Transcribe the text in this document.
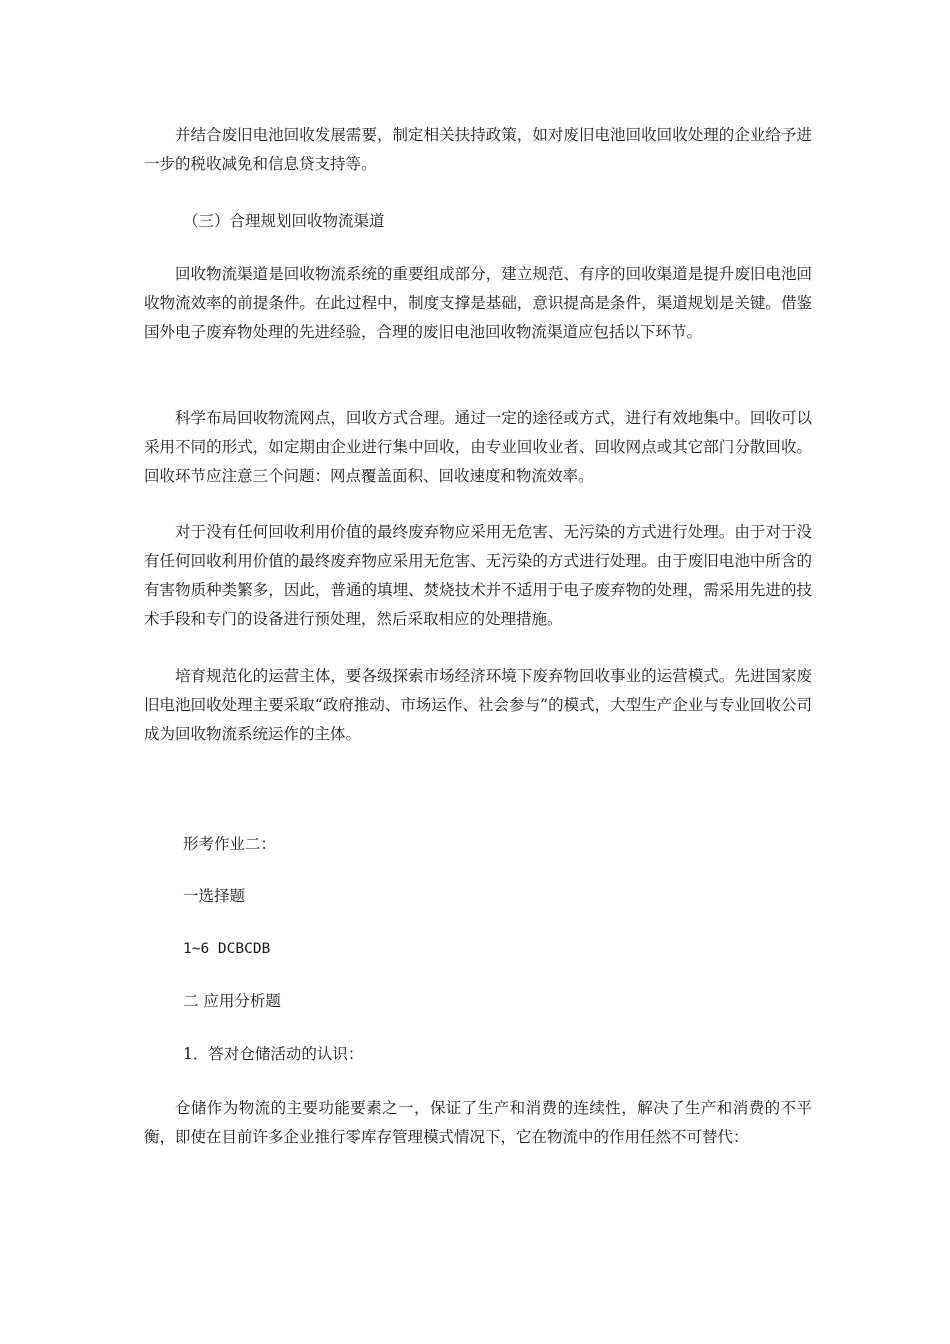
并结合废旧电池回收发展需要，制定相关扶持政策，如对废旧电池回收回收处理的企业给予进一步的税收减免和信息贷支持等。
（三）合理规划回收物流渠道
回收物流渠道是回收物流系统的重要组成部分，建立规范、有序的回收渠道是提升废旧电池回收物流效率的前提条件。在此过程中，制度支撑是基础，意识提高是条件，渠道规划是关键。借鉴国外电子废弃物处理的先进经验，合理的废旧电池回收物流渠道应包括以下环节。
科学布局回收物流网点，回收方式合理。通过一定的途径或方式，进行有效地集中。回收可以采用不同的形式，如定期由企业进行集中回收，由专业回收业者、回收网点或其它部门分散回收。回收环节应注意三个问题：网点覆盖面积、回收速度和物流效率。
对于没有任何回收利用价值的最终废弃物应采用无危害、无污染的方式进行处理。由于对于没有任何回收利用价值的最终废弃物应采用无危害、无污染的方式进行处理。由于废旧电池中所含的有害物质种类繁多，因此，普通的填埋、焚烧技术并不适用于电子废弃物的处理，需采用先进的技术手段和专门的设备进行预处理，然后采取相应的处理措施。
培育规范化的运营主体，要各级探索市场经济环境下废弃物回收事业的运营模式。先进国家废旧电池回收处理主要采取“政府推动、市场运作、社会参与”的模式，大型生产企业与专业回收公司成为回收物流系统运作的主体。
形考作业二：
一选择题
1~6 DCBCDB
二 应用分析题
1．答对仓储活动的认识：
仓储作为物流的主要功能要素之一，保证了生产和消费的连续性，解决了生产和消费的不平衡，即使在目前许多企业推行零库存管理模式情况下，它在物流中的作用任然不可替代：
